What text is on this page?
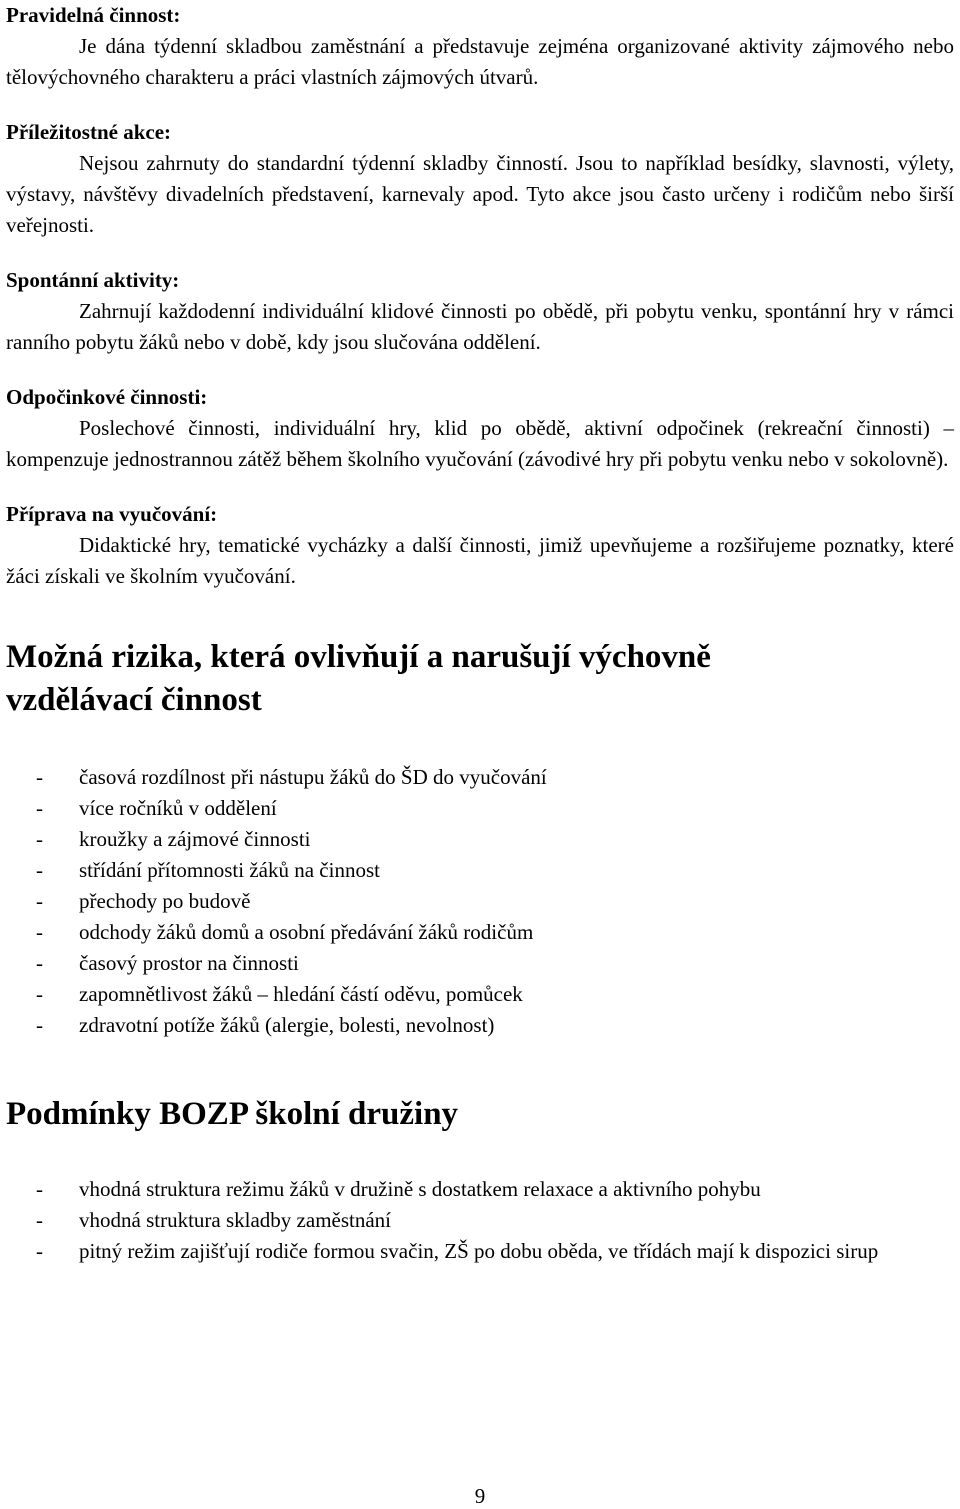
Pravidelná činnost:

Je dána týdenní skladbou zaměstnání a představuje zejména organizované aktivity zájmového nebo tělovýchovného charakteru a práci vlastních zájmových útvarů.

Příležitostné akce:

Nejsou zahrnuty do standardní týdenní skladby činností. Jsou to například besídky, slavnosti, výlety, výstavy, návštěvy divadelních představení, karnevaly apod. Tyto akce jsou často určeny i rodičům nebo širší veřejnosti.

Spontánní aktivity:

Zahrnují každodenní individuální klidové činnosti po obědě, při pobytu venku, spontánní hry v rámci ranního pobytu žáků nebo v době, kdy jsou slučována oddělení.

Odpočinkové činnosti:

Poslechové činnosti, individuální hry, klid po obědě, aktivní odpočinek (rekreační činnosti) – kompenzuje jednostrannou zátěž během školního vyučování (závodivé hry při pobytu venku nebo v sokolovně).

Příprava na vyučování:

Didaktické hry, tematické vycházky a další činnosti, jimiž upevňujeme a rozšiřujeme poznatky, které žáci získali ve školním vyučování.

Možná rizika, která ovlivňují a narušují výchovně
vzdělávací činnost
- časová rozdílnost při nástupu žáků do ŠD do vyučování
- více ročníků v oddělení
- kroužky a zájmové činnosti
- střídání přítomnosti žáků na činnost
- přechody po budově
- odchody žáků domů a osobní předávání žáků rodičům
- časový prostor na činnosti
- zapomnětlivost žáků – hledání částí oděvu, pomůcek
- zdravotní potíže žáků (alergie, bolesti, nevolnost)
Podmínky BOZP školní družiny
- vhodná struktura režimu žáků v družině s dostatkem relaxace a aktivního pohybu
- vhodná struktura skladby zaměstnání
- pitný režim zajišťují rodiče formou svačin, ZŠ po dobu oběda, ve třídách mají k dispozici sirup
9
